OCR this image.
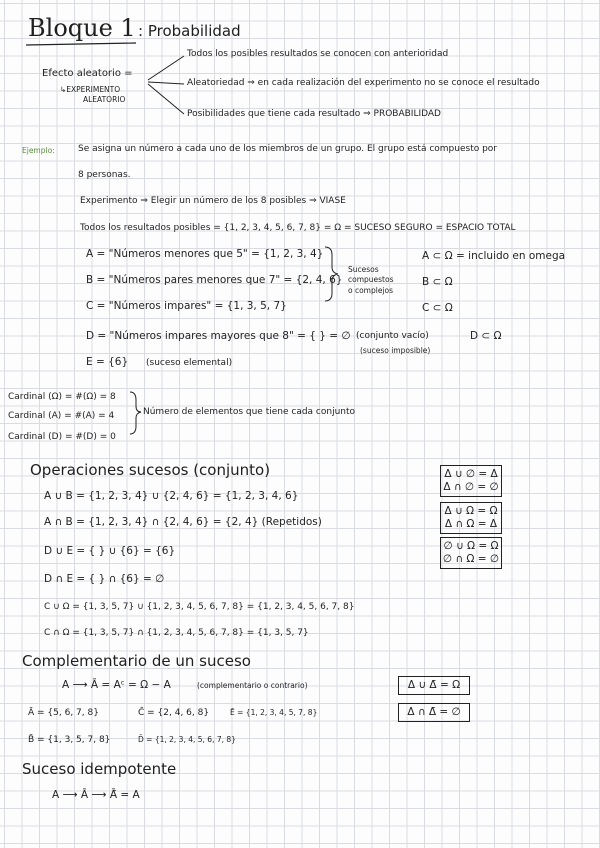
Bloque 1 : Probabilidad
Efecto aleatorio =
↳EXPERIMENTO
ALEATORIO
Todos los posibles resultados se conocen con anterioridad
Aleatoriedad ⇒ en cada realización del experimento no se conoce el resultado
Posibilidades que tiene cada resultado ⇒ PROBABILIDAD
Ejemplo:	Se asigna un número a cada uno de los miembros de un grupo. El grupo está compuesto por
8 personas.
Experimento ⇒ Elegir un número de los 8 posibles ⇒ VIASE
Todos los resultados posibles = {1, 2, 3, 4, 5, 6, 7, 8} = Ω = SUCESO SEGURO = ESPACIO TOTAL
A = "Números menores que 5" = {1, 2, 3, 4}
B = "Números pares menores que 7" = {2, 4, 6}
C = "Números impares" = {1, 3, 5, 7}
Sucesos
compuestos
o complejos
A ⊂ Ω = incluido en omega
B ⊂ Ω
C ⊂ Ω
D = "Números impares mayores que 8" = { } = ∅ (conjunto vacío)
(suceso imposible)
D ⊂ Ω
E = {6} (suceso elemental)
Cardinal (Ω) = #(Ω) = 8
Cardinal (A) = #(A) = 4
Cardinal (D) = #(D) = 0
Número de elementos que tiene cada conjunto
Operaciones sucesos (conjunto)
A ∪ B = {1, 2, 3, 4} ∪ {2, 4, 6} = {1, 2, 3, 4, 6}
A ∩ B = {1, 2, 3, 4} ∩ {2, 4, 6} = {2, 4} (Repetidos)
D ∪ E = { } ∪ {6} = {6}
D ∩ E = { } ∩ {6} = ∅
C ∪ Ω = {1, 3, 5, 7} ∪ {1, 2, 3, 4, 5, 6, 7, 8} = {1, 2, 3, 4, 5, 6, 7, 8}
C ∩ Ω = {1, 3, 5, 7} ∩ {1, 2, 3, 4, 5, 6, 7, 8} = {1, 3, 5, 7}
Δ ∪ ∅ = Δ
Δ ∩ ∅ = ∅
Δ ∪ Ω = Ω
Δ ∩ Ω = Δ
∅ ∪ Ω = Ω
∅ ∩ Ω = ∅
Complementario de un suceso
A ⟶ Ā = Aᶜ = Ω − A	(complementario o contrario)
Ā = {5, 6, 7, 8}	C̄ = {2, 4, 6, 8}	Ē = {1, 2, 3, 4, 5, 7, 8}
B̄ = {1, 3, 5, 7, 8}	D̄ = {1, 2, 3, 4, 5, 6, 7, 8}
Δ ∪ Δ̄ = Ω
Δ ∩ Δ̄ = ∅
Suceso idempotente
A ⟶ Ā ⟶ Ā̄ = A
